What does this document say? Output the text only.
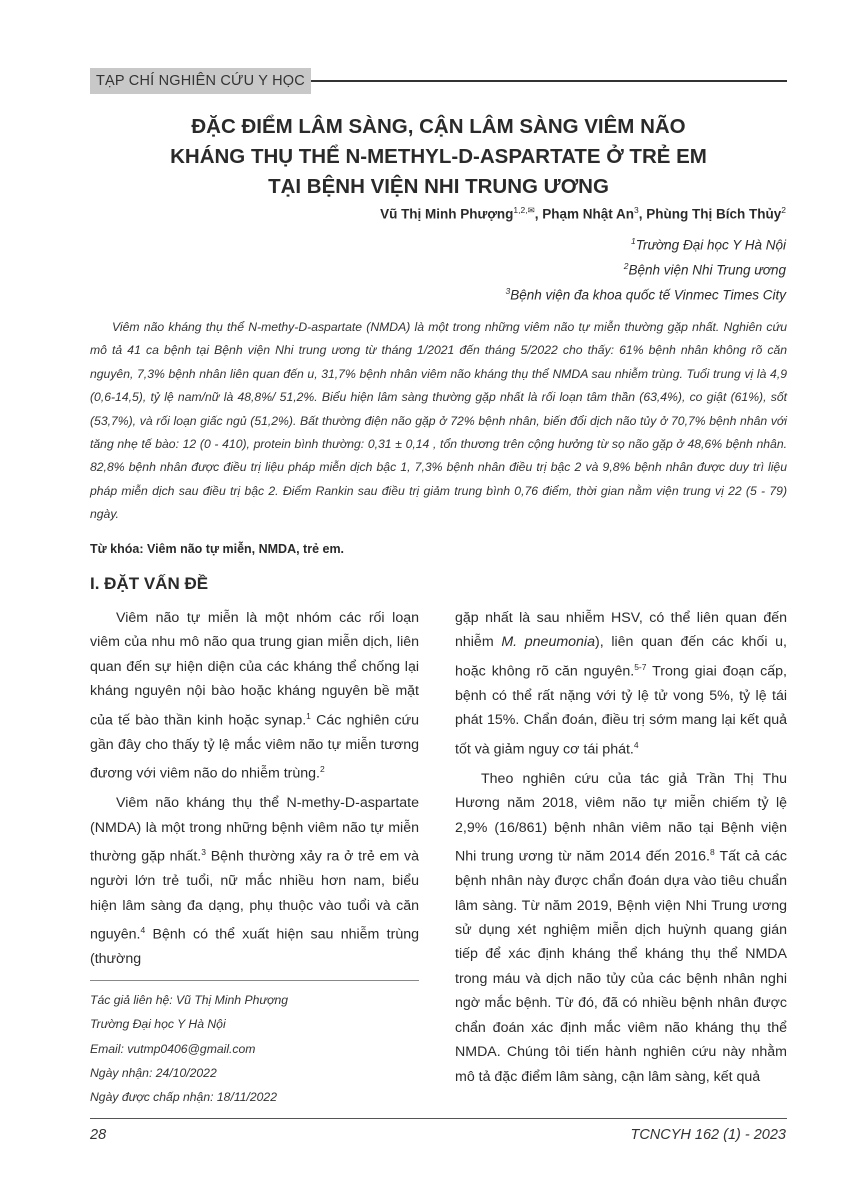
TẠP CHÍ NGHIÊN CỨU Y HỌC
ĐẶC ĐIỂM LÂM SÀNG, CẬN LÂM SÀNG VIÊM NÃO
KHÁNG THỤ THỂ N-METHYL-D-ASPARTATE Ở TRẺ EM
TẠI BỆNH VIỆN NHI TRUNG ƯƠNG
Vũ Thị Minh Phượng$^{1,2,✉}$, Phạm Nhật An$^3$, Phùng Thị Bích Thủy$^2$
$^1$Trường Đại học Y Hà Nội
$^2$Bệnh viện Nhi Trung ương
$^3$Bệnh viện đa khoa quốc tế Vinmec Times City
Viêm não kháng thụ thể N-methy-D-aspartate (NMDA) là một trong những viêm não tự miễn thường gặp nhất. Nghiên cứu mô tả 41 ca bệnh tại Bệnh viện Nhi trung ương từ tháng 1/2021 đến tháng 5/2022 cho thấy: 61% bệnh nhân không rõ căn nguyên, 7,3% bệnh nhân liên quan đến u, 31,7% bệnh nhân viêm não kháng thụ thể NMDA sau nhiễm trùng. Tuổi trung vị là 4,9 (0,6-14,5), tỷ lệ nam/nữ là 48,8%/ 51,2%. Biểu hiện lâm sàng thường gặp nhất là rối loạn tâm thần (63,4%), co giật (61%), sốt (53,7%), và rối loạn giấc ngủ (51,2%). Bất thường điện não gặp ở 72% bệnh nhân, biến đổi dịch não tủy ở 70,7% bệnh nhân với tăng nhẹ tế bào: 12 (0 - 410), protein bình thường: 0,31 ± 0,14 , tổn thương trên cộng hưởng từ sọ não gặp ở 48,6% bệnh nhân. 82,8% bệnh nhân được điều trị liệu pháp miễn dịch bậc 1, 7,3% bệnh nhân điều trị bậc 2 và 9,8% bệnh nhân được duy trì liệu pháp miễn dịch sau điều trị bậc 2. Điểm Rankin sau điều trị giảm trung bình 0,76 điểm, thời gian nằm viện trung vị 22 (5 - 79) ngày.
Từ khóa: Viêm não tự miễn, NMDA, trẻ em.
I. ĐẶT VẤN ĐỀ

Viêm não tự miễn là một nhóm các rối loạn viêm của nhu mô não qua trung gian miễn dịch, liên quan đến sự hiện diện của các kháng thể chống lại kháng nguyên nội bào hoặc kháng nguyên bề mặt của tế bào thần kinh hoặc synap.$^1$ Các nghiên cứu gần đây cho thấy tỷ lệ mắc viêm não tự miễn tương đương với viêm não do nhiễm trùng.$^2$

Viêm não kháng thụ thể N-methy-D-aspartate (NMDA) là một trong những bệnh viêm não tự miễn thường gặp nhất.$^3$ Bệnh thường xảy ra ở trẻ em và người lớn trẻ tuổi, nữ mắc nhiều hơn nam, biểu hiện lâm sàng đa dạng, phụ thuộc vào tuổi và căn nguyên.$^4$ Bệnh có thể xuất hiện sau nhiễm trùng (thường

gặp nhất là sau nhiễm HSV, có thể liên quan đến nhiễm M. pneumonia), liên quan đến các khối u, hoặc không rõ căn nguyên.$^{5-7}$ Trong giai đoạn cấp, bệnh có thể rất nặng với tỷ lệ tử vong 5%, tỷ lệ tái phát 15%. Chẩn đoán, điều trị sớm mang lại kết quả tốt và giảm nguy cơ tái phát.$^4$

Theo nghiên cứu của tác giả Trần Thị Thu Hương năm 2018, viêm não tự miễn chiếm tỷ lệ 2,9% (16/861) bệnh nhân viêm não tại Bệnh viện Nhi trung ương từ năm 2014 đến 2016.$^8$ Tất cả các bệnh nhân này được chẩn đoán dựa vào tiêu chuẩn lâm sàng. Từ năm 2019, Bệnh viện Nhi Trung ương sử dụng xét nghiệm miễn dịch huỳnh quang gián tiếp để xác định kháng thể kháng thụ thể NMDA trong máu và dịch não tủy của các bệnh nhân nghi ngờ mắc bệnh. Từ đó, đã có nhiều bệnh nhân được chẩn đoán xác định mắc viêm não kháng thụ thể NMDA. Chúng tôi tiến hành nghiên cứu này nhằm mô tả đặc điểm lâm sàng, cận lâm sàng, kết quả

Tác giả liên hệ: Vũ Thị Minh Phượng
Trường Đại học Y Hà Nội
Email: vutmp0406@gmail.com
Ngày nhận: 24/10/2022
Ngày được chấp nhận: 18/11/2022
28	TCNCYH 162 (1) - 2023
